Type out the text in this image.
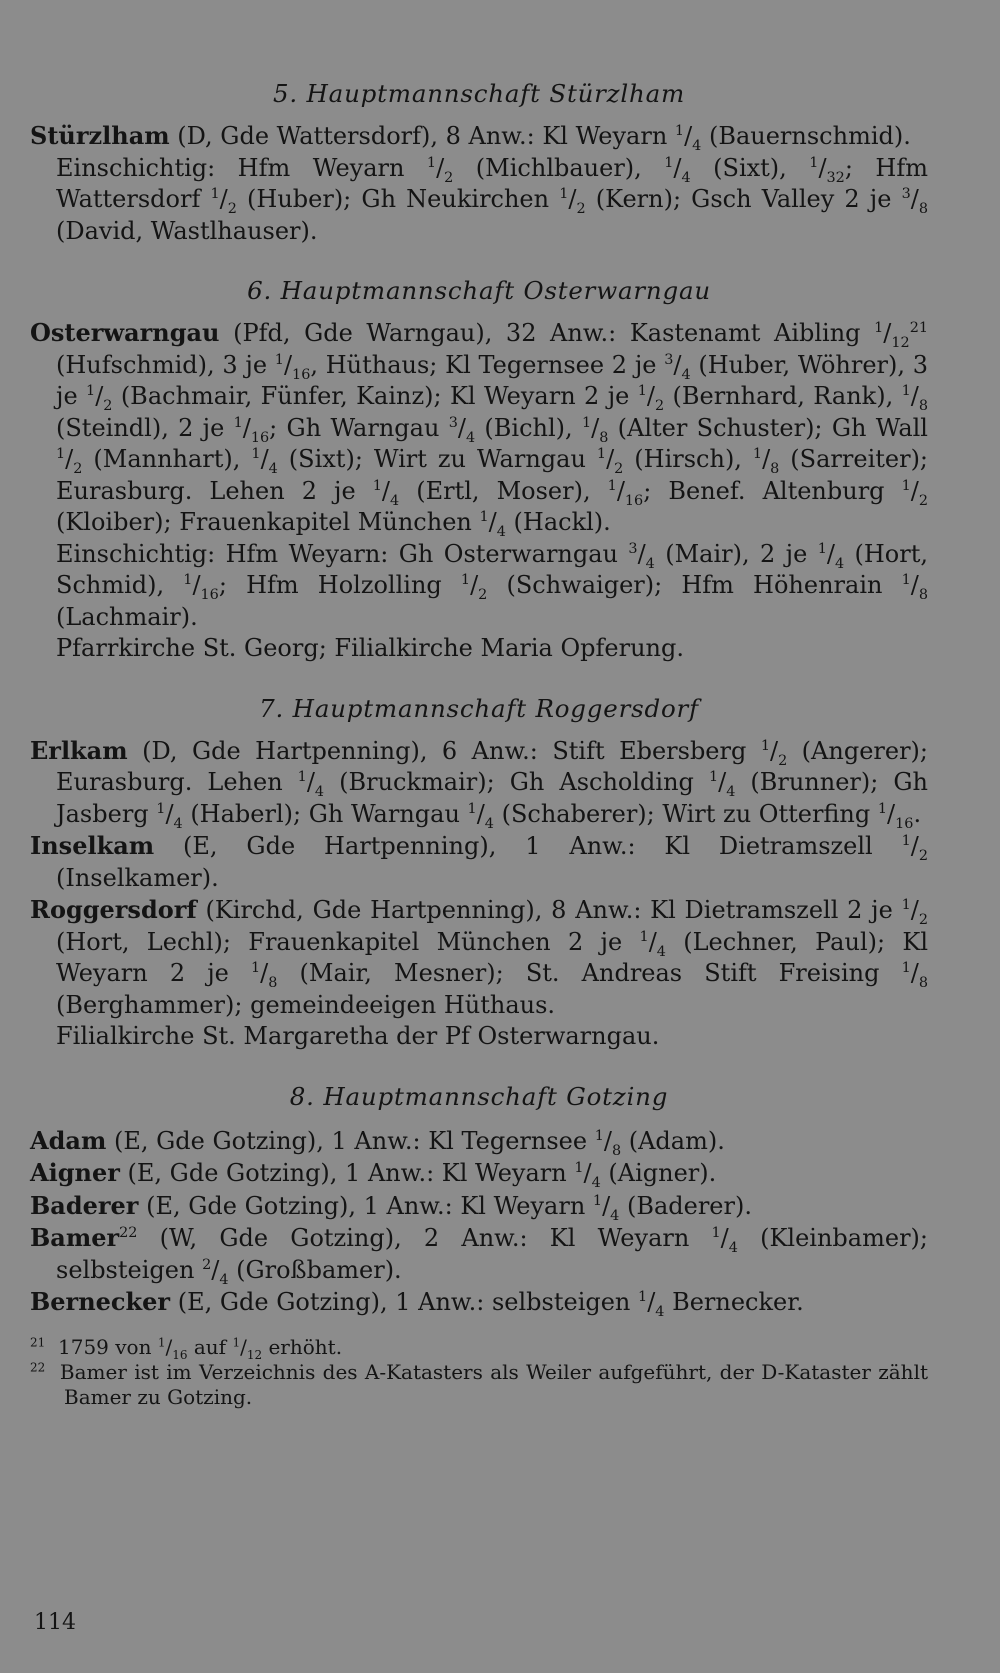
5. Hauptmannschaft Stürzlham
Stürzlham (D, Gde Wattersdorf), 8 Anw.: Kl Weyarn $^1/_4$ (Bauernschmid).
Einschichtig: Hfm Weyarn $^1/_2$ (Michlbauer), $^1/_4$ (Sixt), $^1/_{32}$; Hfm Wattersdorf $^1/_2$ (Huber); Gh Neukirchen $^1/_2$ (Kern); Gsch Valley 2 je $^3/_8$ (David, Wastlhauser).
6. Hauptmannschaft Osterwarngau
Osterwarngau (Pfd, Gde Warngau), 32 Anw.: Kastenamt Aibling $^1/_{12}^{21}$ (Hufschmid), 3 je $^1/_{16}$, Hüthaus; Kl Tegernsee 2 je $^3/_4$ (Huber, Wöhrer), 3 je $^1/_2$ (Bachmair, Fünfer, Kainz); Kl Weyarn 2 je $^1/_2$ (Bernhard, Rank), $^1/_8$ (Steindl), 2 je $^1/_{16}$; Gh Warngau $^3/_4$ (Bichl), $^1/_8$ (Alter Schuster); Gh Wall $^1/_2$ (Mannhart), $^1/_4$ (Sixt); Wirt zu Warngau $^1/_2$ (Hirsch), $^1/_8$ (Sarreiter); Eurasburg. Lehen 2 je $^1/_4$ (Ertl, Moser), $^1/_{16}$; Benef. Altenburg $^1/_2$ (Kloiber); Frauenkapitel München $^1/_4$ (Hackl).
Einschichtig: Hfm Weyarn: Gh Osterwarngau $^3/_4$ (Mair), 2 je $^1/_4$ (Hort, Schmid), $^1/_{16}$; Hfm Holzolling $^1/_2$ (Schwaiger); Hfm Höhenrain $^1/_8$ (Lachmair).
Pfarrkirche St. Georg; Filialkirche Maria Opferung.
7. Hauptmannschaft Roggersdorf
Erlkam (D, Gde Hartpenning), 6 Anw.: Stift Ebersberg $^1/_2$ (Angerer); Eurasburg. Lehen $^1/_4$ (Bruckmair); Gh Ascholding $^1/_4$ (Brunner); Gh Jasberg $^1/_4$ (Haberl); Gh Warngau $^1/_4$ (Schaberer); Wirt zu Otterfing $^1/_{16}$.
Inselkam (E, Gde Hartpenning), 1 Anw.: Kl Dietramszell $^1/_2$ (Inselkamer).
Roggersdorf (Kirchd, Gde Hartpenning), 8 Anw.: Kl Dietramszell 2 je $^1/_2$ (Hort, Lechl); Frauenkapitel München 2 je $^1/_4$ (Lechner, Paul); Kl Weyarn 2 je $^1/_8$ (Mair, Mesner); St. Andreas Stift Freising $^1/_8$ (Berghammer); gemeindeeigen Hüthaus.
Filialkirche St. Margaretha der Pf Osterwarngau.
8. Hauptmannschaft Gotzing
Adam (E, Gde Gotzing), 1 Anw.: Kl Tegernsee $^1/_8$ (Adam).
Aigner (E, Gde Gotzing), 1 Anw.: Kl Weyarn $^1/_4$ (Aigner).
Baderer (E, Gde Gotzing), 1 Anw.: Kl Weyarn $^1/_4$ (Baderer).
Bamer$^{22}$ (W, Gde Gotzing), 2 Anw.: Kl Weyarn $^1/_4$ (Kleinbamer); selbsteigen $^2/_4$ (Großbamer).
Bernecker (E, Gde Gotzing), 1 Anw.: selbsteigen $^1/_4$ Bernecker.
$^{21}$  1759 von $^1/_{16}$ auf $^1/_{12}$ erhöht.
$^{22}$  Bamer ist im Verzeichnis des A-Katasters als Weiler aufgeführt, der D-Kataster zählt Bamer zu Gotzing.
114
